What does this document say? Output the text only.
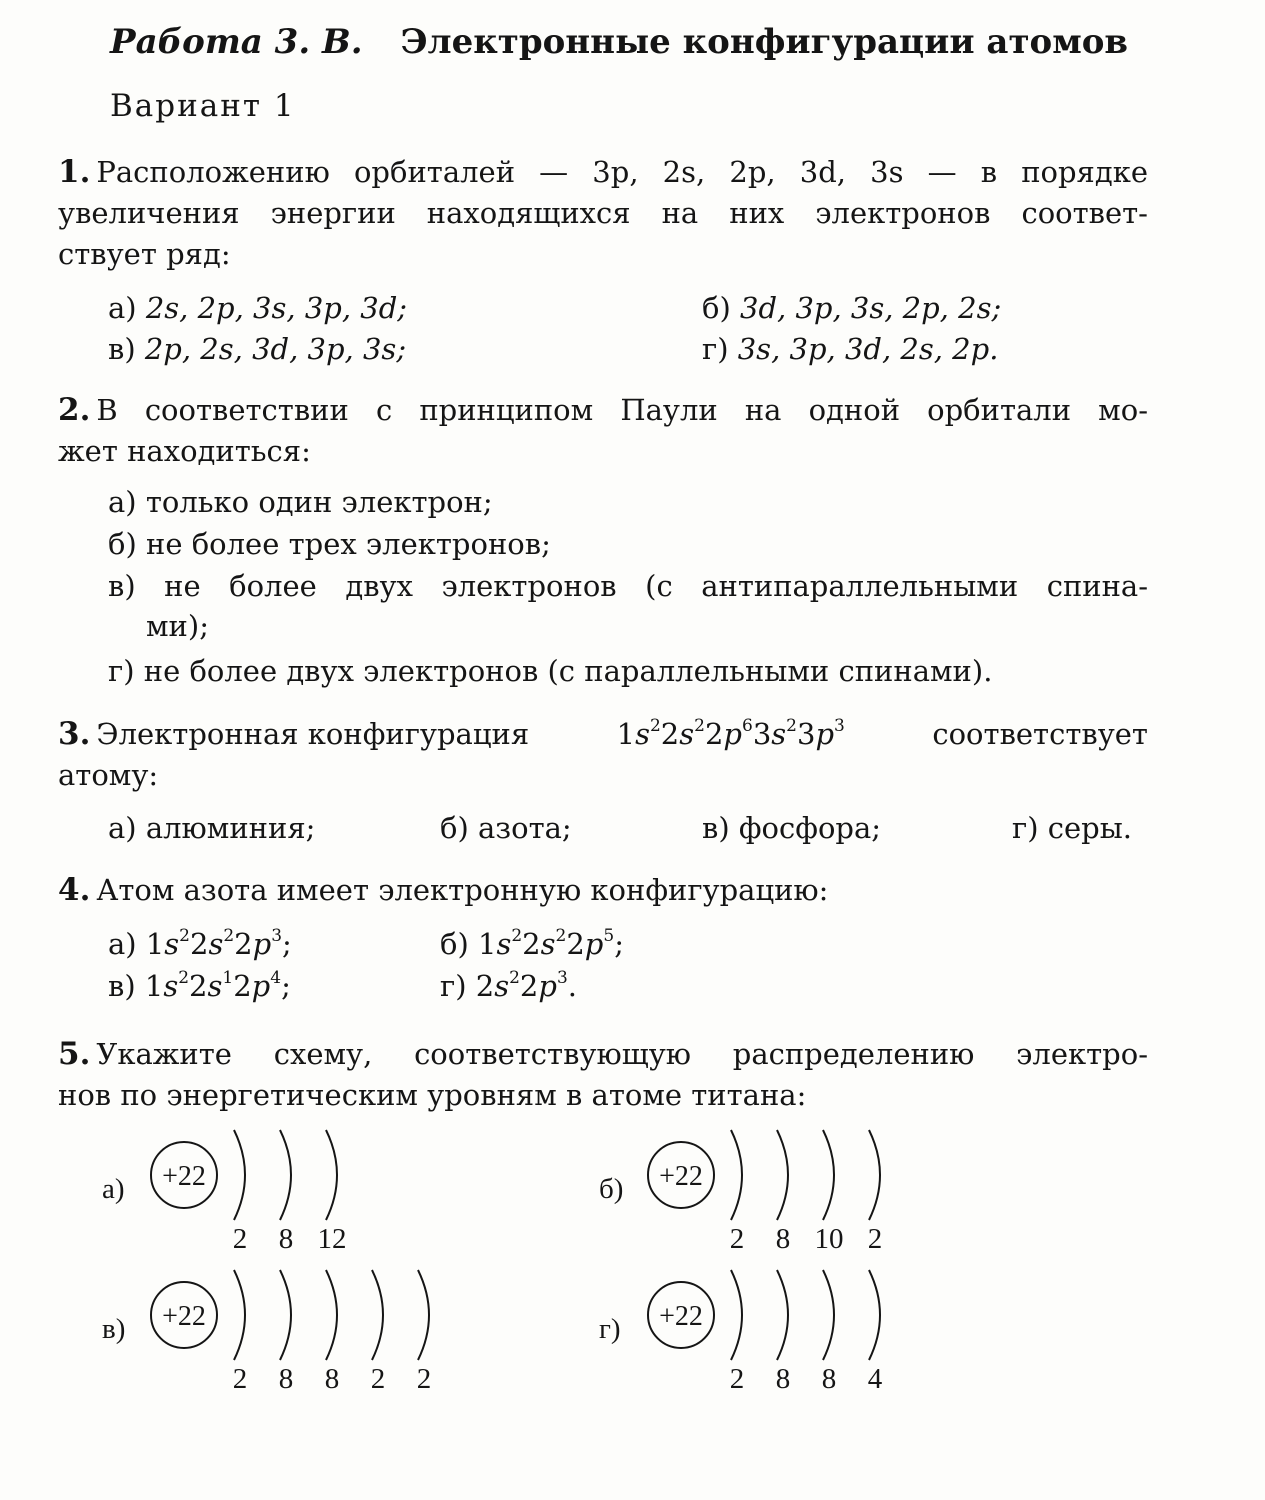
Работа 3. В. Электронные конфигурации атомов
Вариант 1
1. Расположению орбиталей — 3p, 2s, 2p, 3d, 3s — в порядке
увеличения энергии находящихся на них электронов соответ-
ствует ряд:
а) 2s, 2p, 3s, 3p, 3d;	б) 3d, 3p, 3s, 2p, 2s;
в) 2p, 2s, 3d, 3p, 3s;	г) 3s, 3p, 3d, 2s, 2p.
2. В соответствии с принципом Паули на одной орбитали мо-
жет находиться:
а) только один электрон;
б) не более трех электронов;
в) не более двух электронов (с антипараллельными спина-
ми);
г) не более двух электронов (с параллельными спинами).
3. Электронная конфигурация	$1s^22s^22p^63s^23p^3$	соответствует
атому:
а) алюминия;	б) азота;	в) фосфора;	г) серы.
4. Атом азота имеет электронную конфигурацию:
а) $1s^22s^22p^3$;	б) $1s^22s^22p^5$;
в) $1s^22s^12p^4$;	г) $2s^22p^3$.
5. Укажите схему, соответствующую распределению электро-
нов по энергетическим уровням в атоме титана:
а) +22
2 8 12
б) +22
2 8 10 2
в) +22
2 8 8 2 2
г) +22
2 8 8 4
